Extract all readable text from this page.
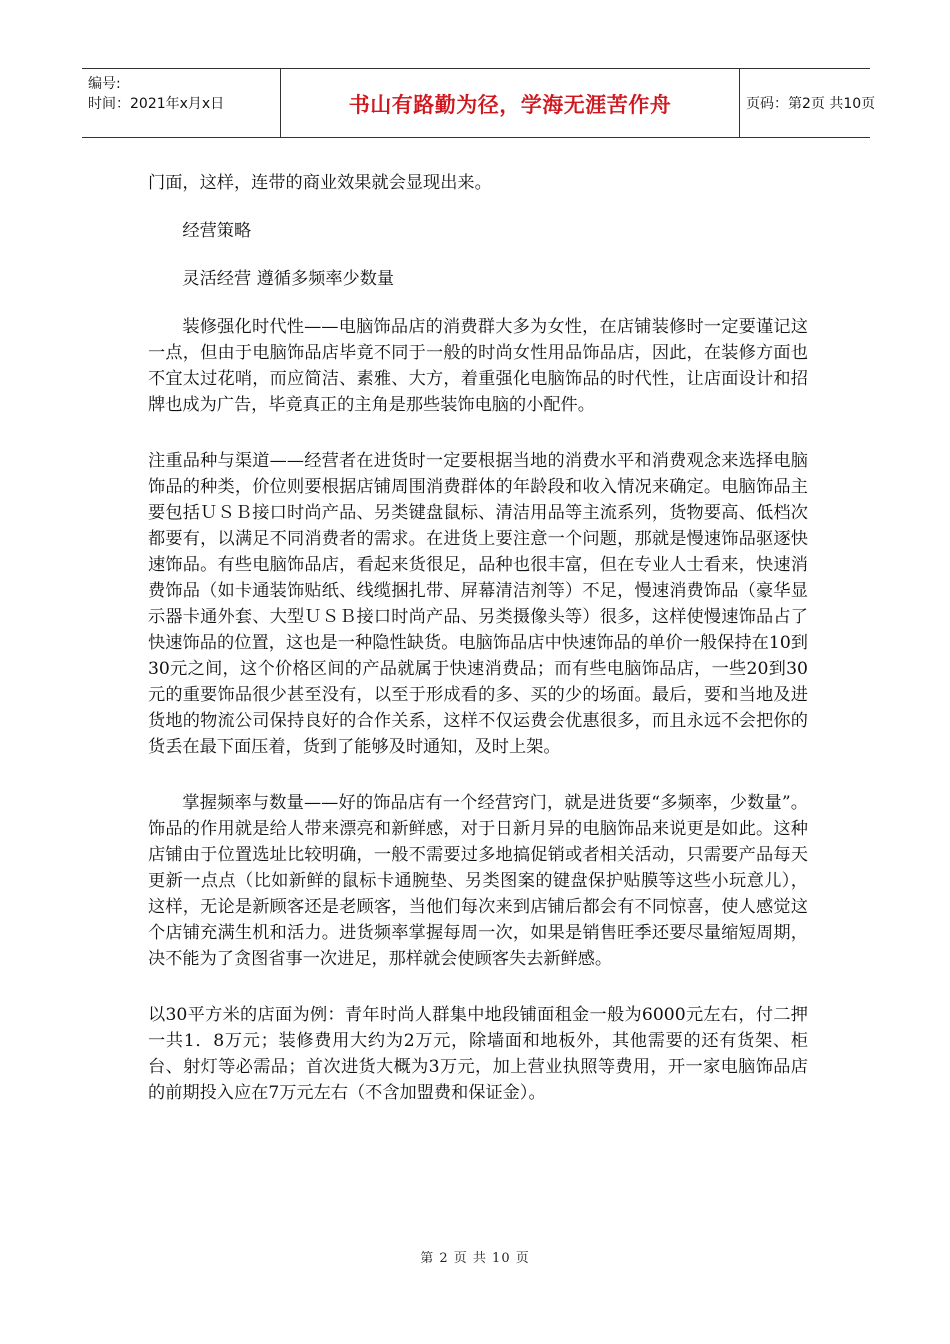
编号:
时间：2021年x月x日	书山有路勤为径，学海无涯苦作舟	页码：第2页 共10页

门面，这样，连带的商业效果就会显现出来。

经营策略

灵活经营 遵循多频率少数量

装修强化时代性——电脑饰品店的消费群大多为女性，在店铺装修时一定要谨记这一点，但由于电脑饰品店毕竟不同于一般的时尚女性用品饰品店，因此，在装修方面也不宜太过花哨，而应简洁、素雅、大方，着重强化电脑饰品的时代性，让店面设计和招牌也成为广告，毕竟真正的主角是那些装饰电脑的小配件。

注重品种与渠道——经营者在进货时一定要根据当地的消费水平和消费观念来选择电脑饰品的种类，价位则要根据店铺周围消费群体的年龄段和收入情况来确定。电脑饰品主要包括ＵＳＢ接口时尚产品、另类键盘鼠标、清洁用品等主流系列，货物要高、低档次都要有，以满足不同消费者的需求。在进货上要注意一个问题，那就是慢速饰品驱逐快速饰品。有些电脑饰品店，看起来货很足，品种也很丰富，但在专业人士看来，快速消费饰品（如卡通装饰贴纸、线缆捆扎带、屏幕清洁剂等）不足，慢速消费饰品（豪华显示器卡通外套、大型ＵＳＢ接口时尚产品、另类摄像头等）很多，这样使慢速饰品占了快速饰品的位置，这也是一种隐性缺货。电脑饰品店中快速饰品的单价一般保持在10到30元之间，这个价格区间的产品就属于快速消费品；而有些电脑饰品店，一些20到30元的重要饰品很少甚至没有，以至于形成看的多、买的少的场面。最后，要和当地及进货地的物流公司保持良好的合作关系，这样不仅运费会优惠很多，而且永远不会把你的货丢在最下面压着，货到了能够及时通知，及时上架。

掌握频率与数量——好的饰品店有一个经营窍门，就是进货要“多频率，少数量”。饰品的作用就是给人带来漂亮和新鲜感，对于日新月异的电脑饰品来说更是如此。这种店铺由于位置选址比较明确，一般不需要过多地搞促销或者相关活动，只需要产品每天更新一点点（比如新鲜的鼠标卡通腕垫、另类图案的键盘保护贴膜等这些小玩意儿），这样，无论是新顾客还是老顾客，当他们每次来到店铺后都会有不同惊喜，使人感觉这个店铺充满生机和活力。进货频率掌握每周一次，如果是销售旺季还要尽量缩短周期，决不能为了贪图省事一次进足，那样就会使顾客失去新鲜感。

以30平方米的店面为例：青年时尚人群集中地段铺面租金一般为6000元左右，付二押一共1．8万元；装修费用大约为2万元，除墙面和地板外，其他需要的还有货架、柜台、射灯等必需品；首次进货大概为3万元，加上营业执照等费用，开一家电脑饰品店的前期投入应在7万元左右（不含加盟费和保证金）。

第 2 页 共 10 页
